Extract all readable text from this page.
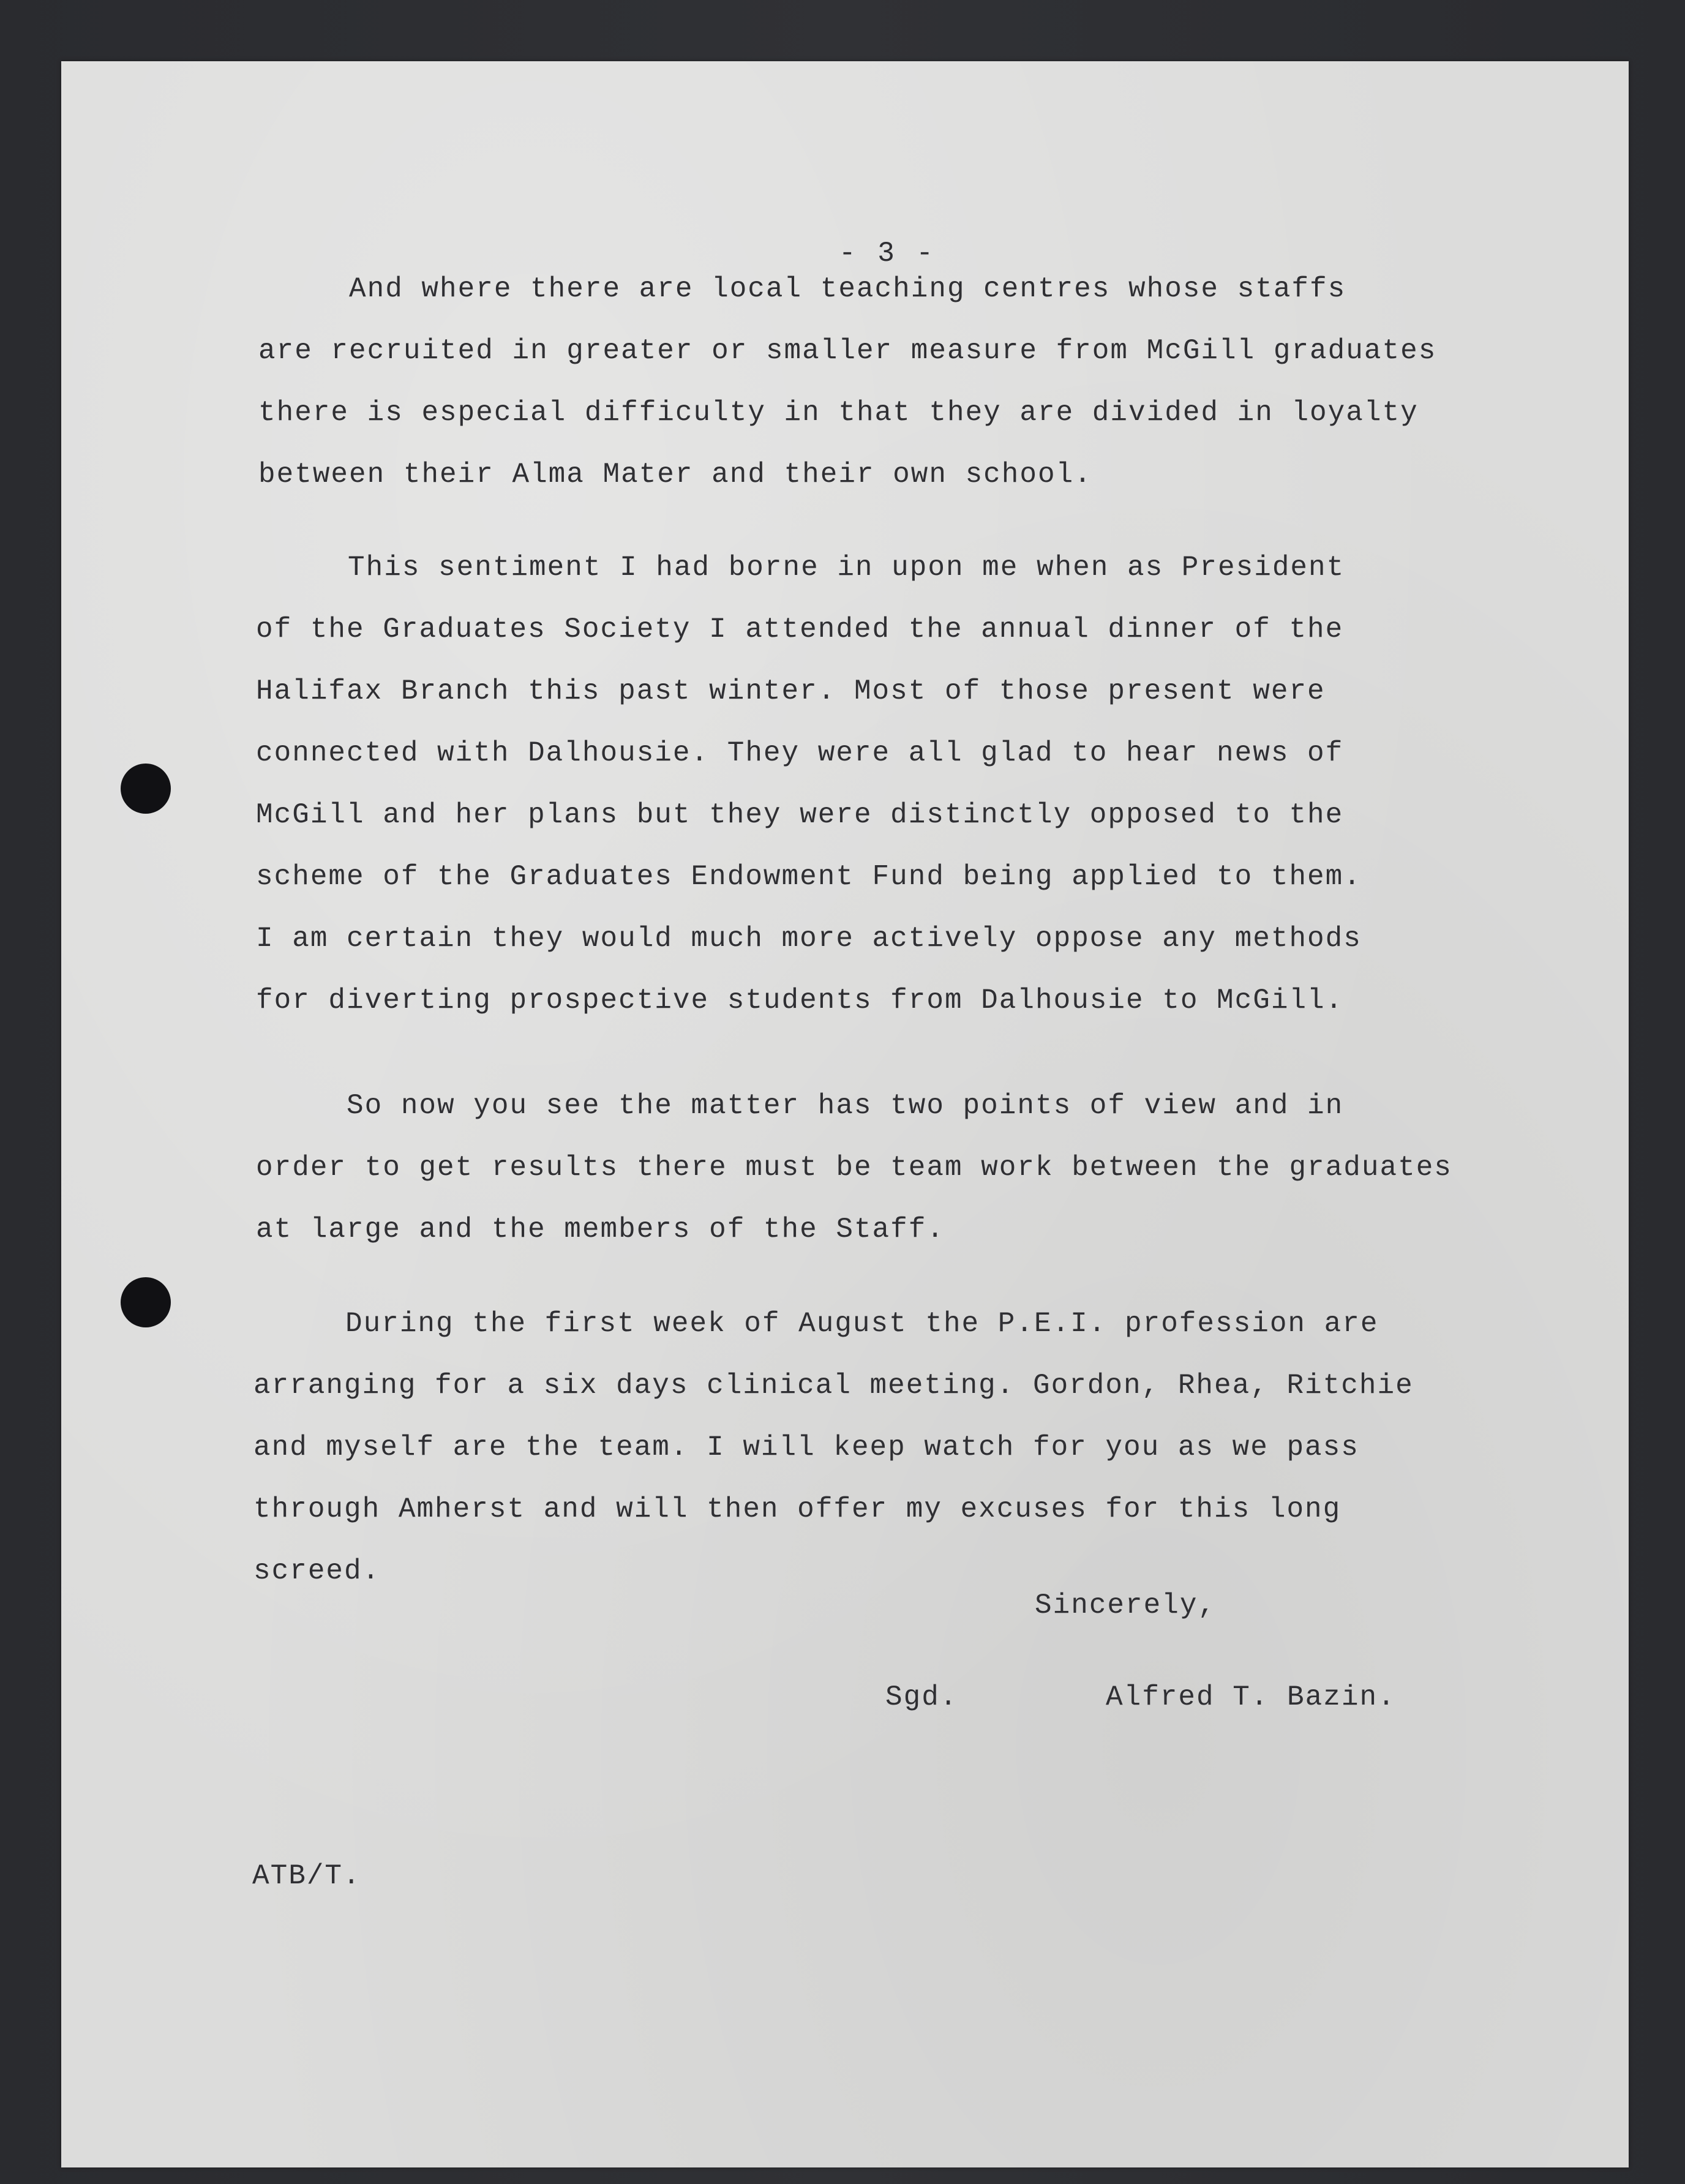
- 3 -
And where there are local teaching centres whose staffs
are recruited in greater or smaller measure from McGill graduates
there is especial difficulty in that they are divided in loyalty
between their Alma Mater and their own school.
This sentiment I had borne in upon me when as President
of the Graduates Society I attended the annual dinner of the
Halifax Branch this past winter. Most of those present were
connected with Dalhousie. They were all glad to hear news of
McGill and her plans but they were distinctly opposed to the
scheme of the Graduates Endowment Fund being applied to them.
I am certain they would much more actively oppose any methods
for diverting prospective students from Dalhousie to McGill.
So now you see the matter has two points of view and in
order to get results there must be team work between the graduates
at large and the members of the Staff.
During the first week of August the P.E.I. profession are
arranging for a six days clinical meeting. Gordon, Rhea, Ritchie
and myself are the team. I will keep watch for you as we pass
through Amherst and will then offer my excuses for this long
screed.
Sincerely,
Sgd.	Alfred T. Bazin.
ATB/T.
